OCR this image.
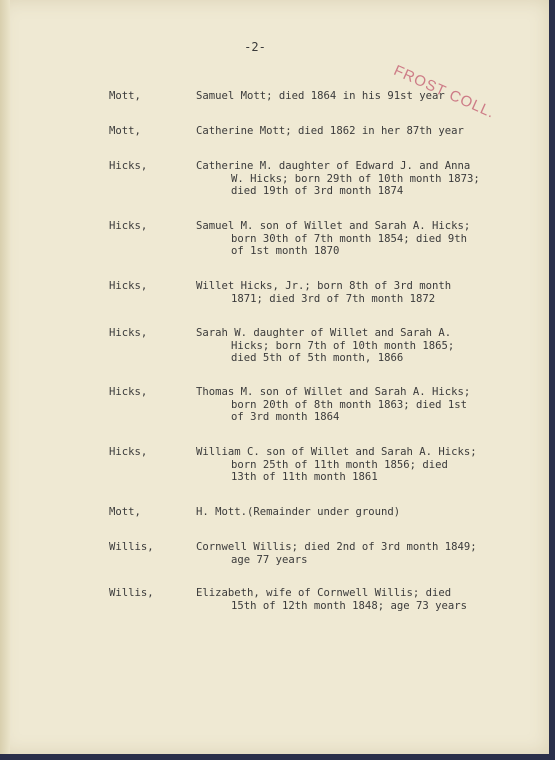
-2-
FROST COLL.
Mott,	Samuel Mott; died 1864 in his 91st year
Mott,	Catherine Mott; died 1862 in her 87th year
Hicks,	Catherine M. daughter of Edward J. and Anna
W. Hicks; born 29th of 10th month 1873;
died 19th of 3rd month 1874
Hicks,	Samuel M. son of Willet and Sarah A. Hicks;
born 30th of 7th month 1854; died 9th
of 1st month 1870
Hicks,	Willet Hicks, Jr.; born 8th of 3rd month
1871; died 3rd of 7th month 1872
Hicks,	Sarah W. daughter of Willet and Sarah A.
Hicks; born 7th of 10th month 1865;
died 5th of 5th month, 1866
Hicks,	Thomas M. son of Willet and Sarah A. Hicks;
born 20th of 8th month 1863; died 1st
of 3rd month 1864
Hicks,	William C. son of Willet and Sarah A. Hicks;
born 25th of 11th month 1856; died
13th of 11th month 1861
Mott,	H. Mott.(Remainder under ground)
Willis,	Cornwell Willis; died 2nd of 3rd month 1849;
age 77 years
Willis,	Elizabeth, wife of Cornwell Willis; died
15th of 12th month 1848; age 73 years
